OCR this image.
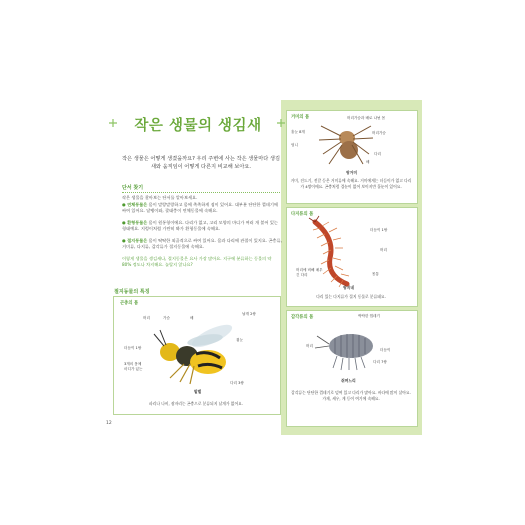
작은 생물의 생김새
작은 생물은 어떻게 생겼을까요? 우리 주변에 사는 작은 생물마다 생김새와 움직임이 어떻게 다른지 비교해 보아요.
단서 찾기
작은 생물을 찾아보는 단서를 알아보세요.
● 연체동물은 몸이 말랑말랑하고 몸에 촉촉하게 점이 있어요. 대부분 단단한 껍데기에 싸여 있어요. 달팽이와, 괄태충이 연체동물에 속해요.
● 환형동물은 몸이 원통형이에요. 다리가 없고, 고리 모양의 마디가 여러 개 붙어 있는 형태예요. 지렁이처럼 가만히 봐가 환형동물에 속해요.
● 절지동물은 몸이 딱딱한 외골격으로 싸여 있어요. 몸과 다리에 관절이 있지요. 곤충류, 거미류, 다지류, 갑각류가 절지동물에 속해요.
이렇게 생물을 생김새나, 절지동물은 요사 가장 많아요. 지구에 분류하는 동물의 약 80% 정도나 차지해요. 놀랍지 않나요?
절지동물의 특징
곤충의 몸
머리	가슴	배
날개 2쌍
더듬이 1쌍
겹눈
3개의 몸체
마디가 있는
다리 3쌍
말벌
파리나 나비, 잠자리는 곤충으로 분류되지 날개가 없어요.
거미의 몸	머리가슴과 배로 나뉜 몸
홑눈 8개
엄니
머리가슴
다리
배
왕거미
거미, 진드기, 전갈 등은 거미류에 속해요. 거미에게는 더듬이가 없고 다리가 4쌍이에요. 곤충처럼 겹눈이 없어 보이지만 홑눈이 있어요.
다지류의 몸
더듬이 1쌍
머리
머리에 비해 매우
긴 다리	몸통
왕지네
다리 있는 다지류가 절지 동물로 분류돼요.
갑각류의 몸	딱딱한 껍데기
머리
다리 7쌍
더듬이
쥐며느리
갑각류는 단단한 껍데기로 덮여 있고 다리가 많아요. 바다에 많이 살아요. 가재, 새우, 게 등이 여기에 속해요.
12
